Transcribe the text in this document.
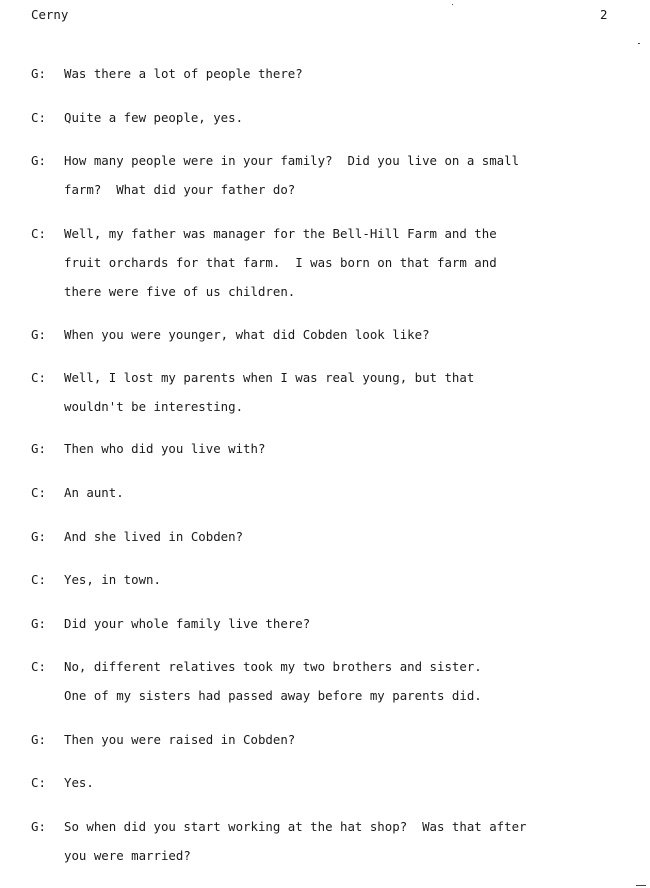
Cerny	2
G: Was there a lot of people there?
C: Quite a few people, yes.
G: How many people were in your family?  Did you live on a small
farm?  What did your father do?
C: Well, my father was manager for the Bell-Hill Farm and the
fruit orchards for that farm.  I was born on that farm and
there were five of us children.
G: When you were younger, what did Cobden look like?
C: Well, I lost my parents when I was real young, but that
wouldn't be interesting.
G: Then who did you live with?
C: An aunt.
G: And she lived in Cobden?
C: Yes, in town.
G: Did your whole family live there?
C: No, different relatives took my two brothers and sister.
One of my sisters had passed away before my parents did.
G: Then you were raised in Cobden?
C: Yes.
G: So when did you start working at the hat shop?  Was that after
you were married?
